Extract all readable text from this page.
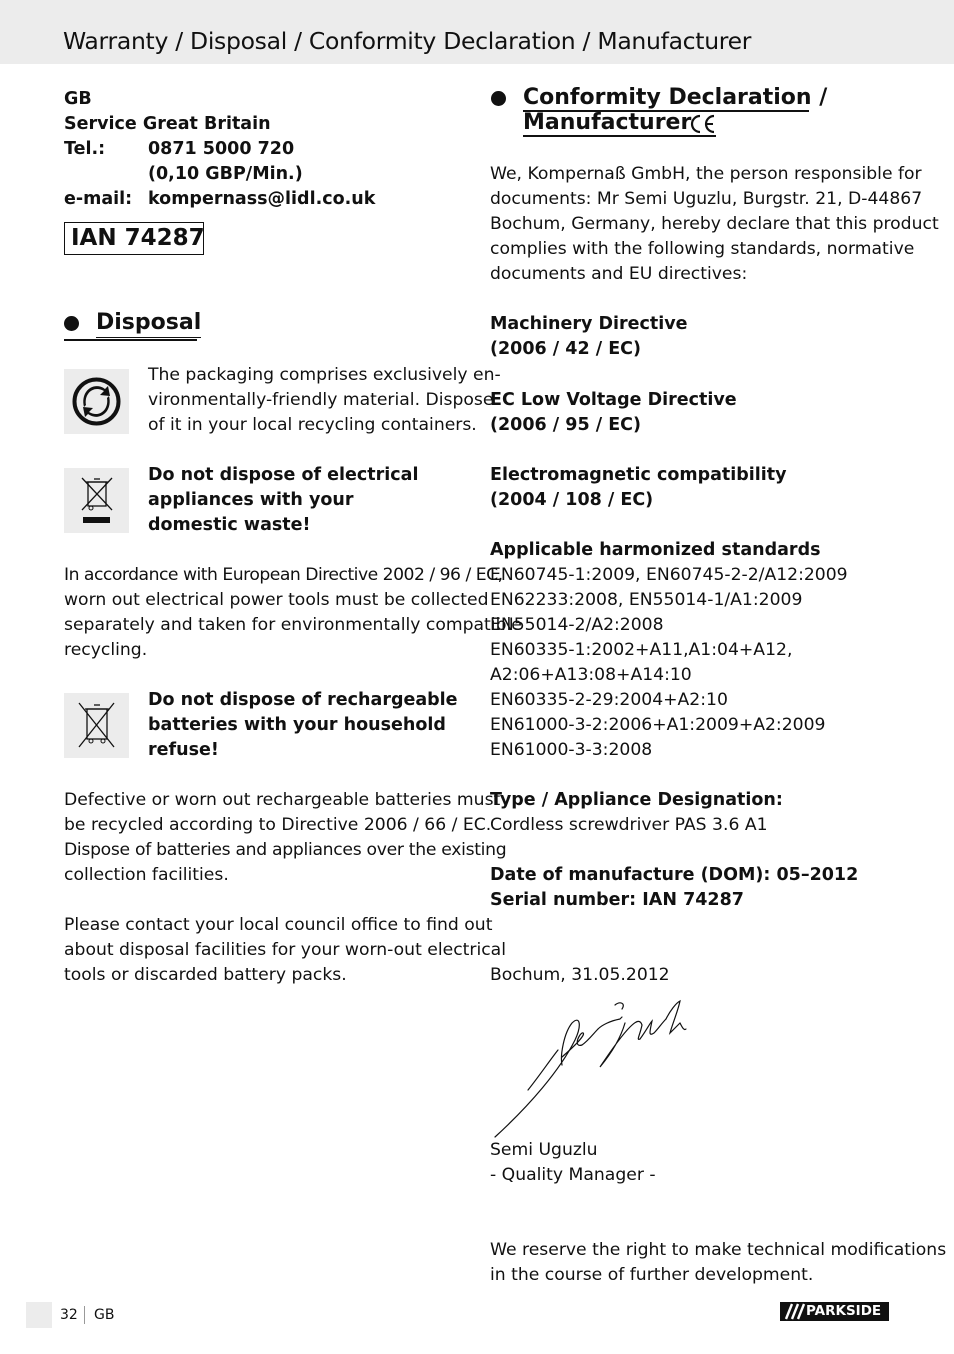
Warranty / Disposal / Conformity Declaration / Manufacturer
GB
Service Great Britain
Tel.: 0871 5000 720
(0,10 GBP/Min.)
e-mail: kompernass@lidl.co.uk
IAN 74287
Disposal
The packaging comprises exclusively en-
vironmentally-friendly material. Dispose
of it in your local recycling containers.
Do not dispose of electrical
appliances with your
domestic waste!
In accordance with European Directive 2002 / 96 / EC,
worn out electrical power tools must be collected
separately and taken for environmentally compatible
recycling.
Do not dispose of rechargeable
batteries with your household
refuse!
Defective or worn out rechargeable batteries must
be recycled according to Directive 2006 / 66 / EC.
Dispose of batteries and appliances over the existing
collection facilities.
Please contact your local council office to find out
about disposal facilities for your worn-out electrical
tools or discarded battery packs.
Conformity Declaration /
Manufacturer
We, Kompernaß GmbH, the person responsible for
documents: Mr Semi Uguzlu, Burgstr. 21, D-44867
Bochum, Germany, hereby declare that this product
complies with the following standards, normative
documents and EU directives:
Machinery Directive
(2006 / 42 / EC)
EC Low Voltage Directive
(2006 / 95 / EC)
Electromagnetic compatibility
(2004 / 108 / EC)
Applicable harmonized standards
EN60745-1:2009, EN60745-2-2/A12:2009
EN62233:2008, EN55014-1/A1:2009
EN55014-2/A2:2008
EN60335-1:2002+A11,A1:04+A12,
A2:06+A13:08+A14:10
EN60335-2-29:2004+A2:10
EN61000-3-2:2006+A1:2009+A2:2009
EN61000-3-3:2008
Type / Appliance Designation:
Cordless screwdriver PAS 3.6 A1
Date of manufacture (DOM): 05–2012
Serial number: IAN 74287
Bochum, 31.05.2012
Semi Uguzlu
- Quality Manager -
We reserve the right to make technical modifications
in the course of further development.
32 GB	PARKSIDE
